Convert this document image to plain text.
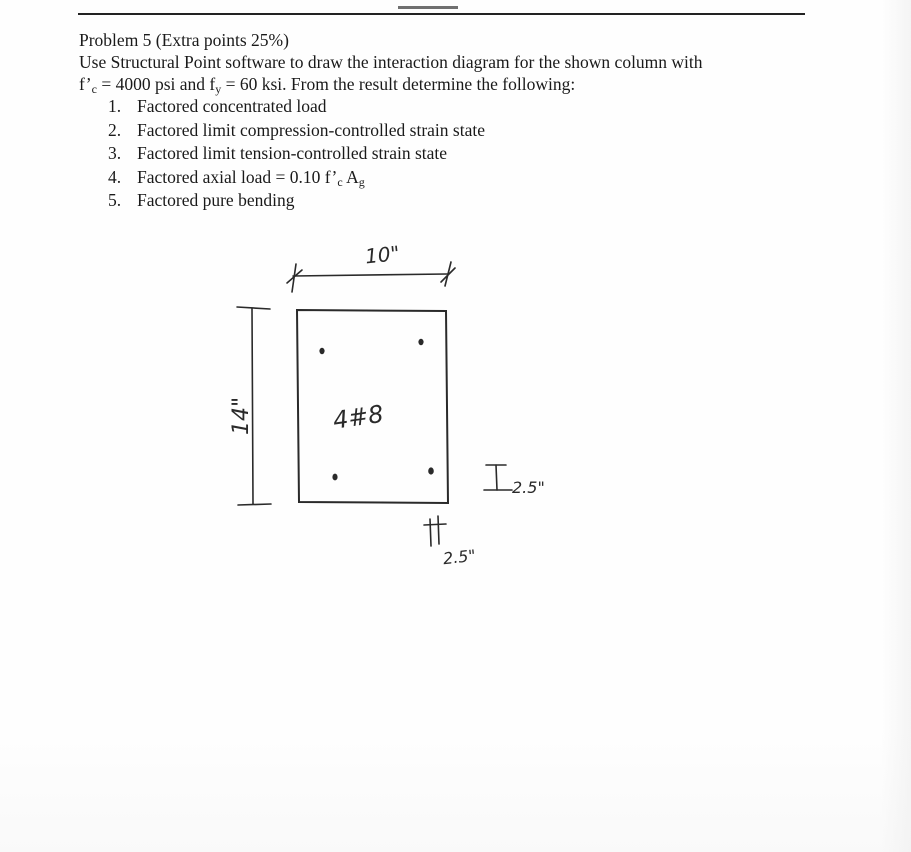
Problem 5 (Extra points 25%)

Use Structural Point software to draw the interaction diagram for the shown column with

$f’_c = 4000$ psi and $f_y = 60$ ksi. From the result determine the following:

1. Factored concentrated load
2. Factored limit compression-controlled strain state
3. Factored limit tension-controlled strain state
4. Factored axial load = 0.10 $f’_c$ $A_g$
5. Factored pure bending
10"
14"	4#8
2.5"
2.5"
